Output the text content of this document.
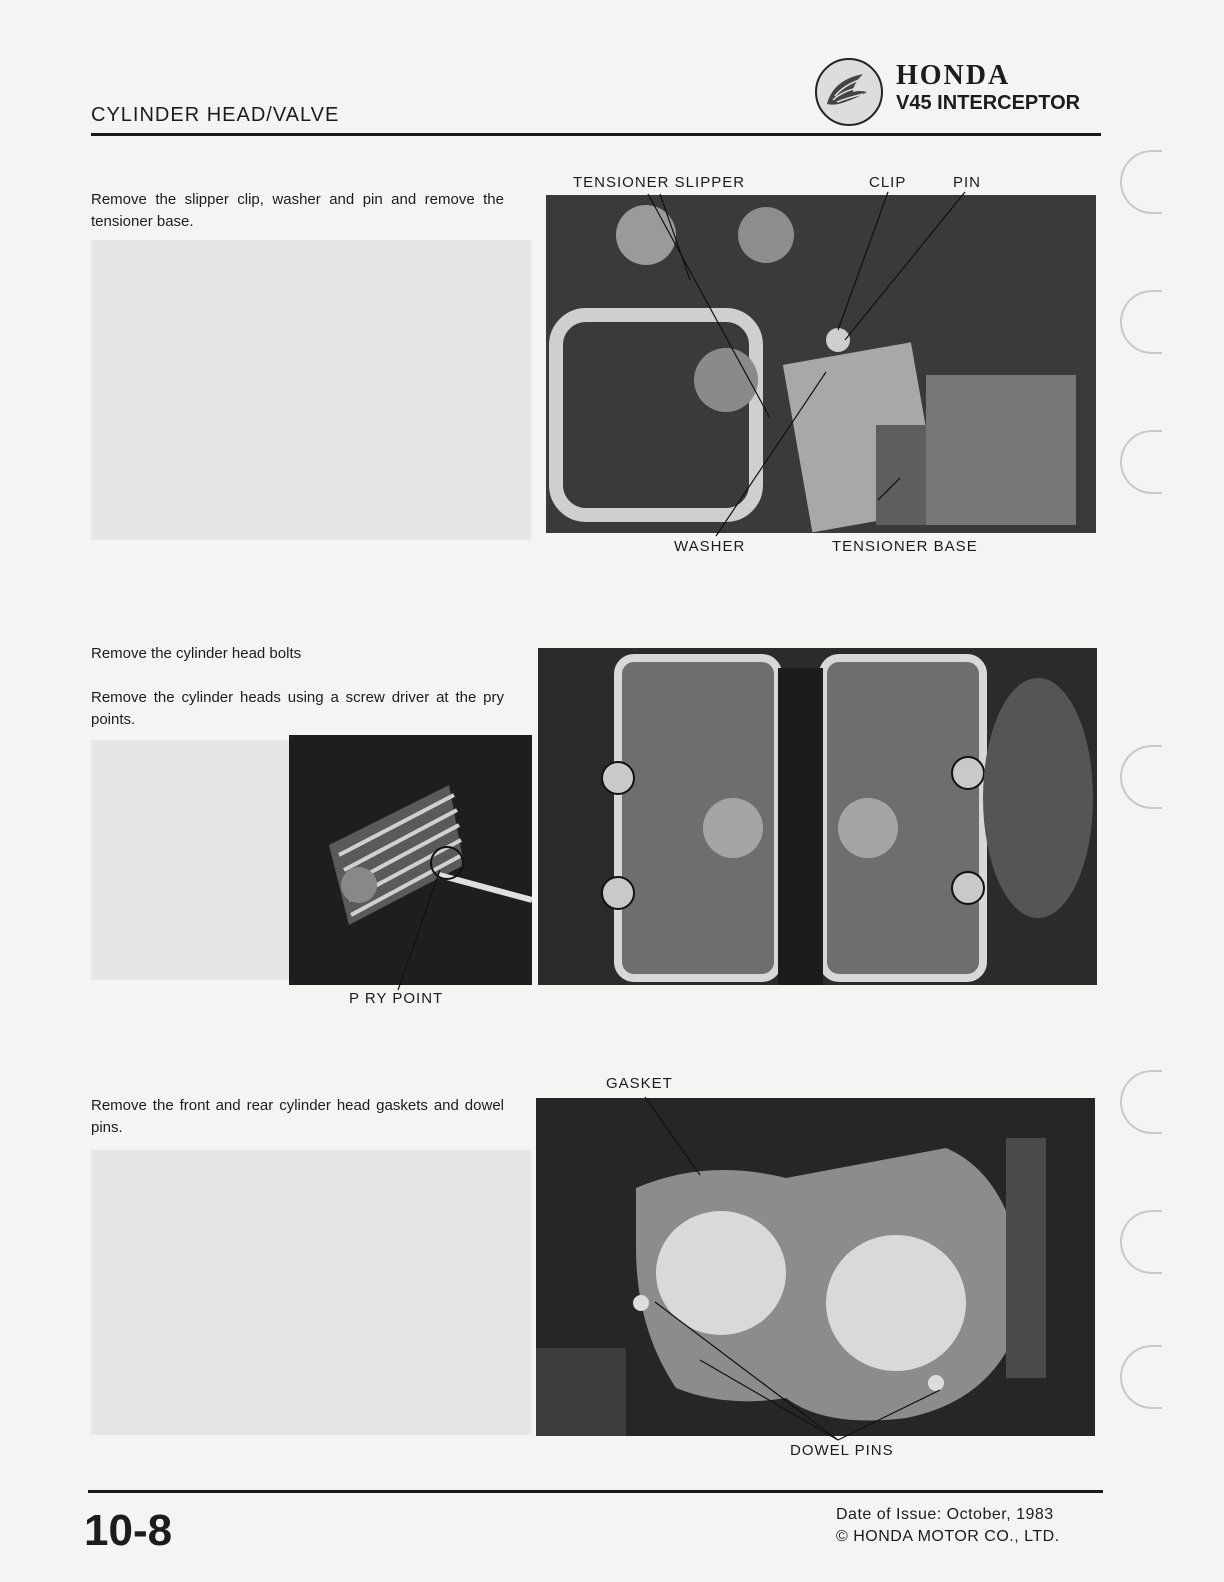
CYLINDER HEAD/VALVE
HONDA
V45 INTERCEPTOR
Remove the slipper clip, washer and pin and remove the tensioner base.
Remove the cylinder head bolts
Remove the cylinder heads using a screw driver at the pry points.
Remove the front and rear cylinder head gaskets and dowel pins.
TENSIONER SLIPPER	CLIP	PIN
WASHER	TENSIONER BASE
P RY POINT
GASKET
DOWEL PINS
10-8	Date of Issue: October, 1983
© HONDA MOTOR CO., LTD.
